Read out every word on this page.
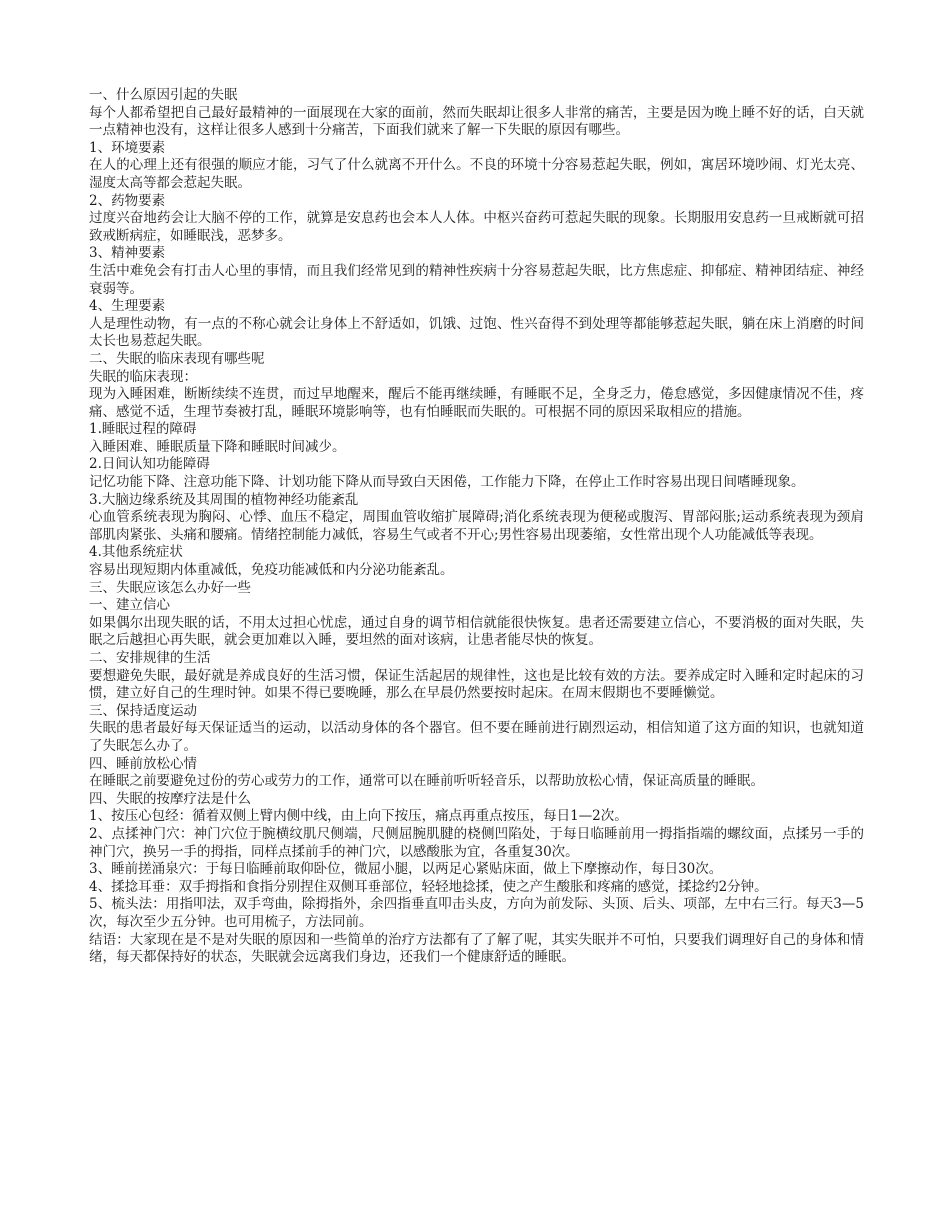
一、什么原因引起的失眠

每个人都希望把自己最好最精神的一面展现在大家的面前，然而失眠却让很多人非常的痛苦，主要是因为晚上睡不好的话，白天就一点精神也没有，这样让很多人感到十分痛苦，下面我们就来了解一下失眠的原因有哪些。

1、环境要素

在人的心理上还有很强的顺应才能，习气了什么就离不开什么。不良的环境十分容易惹起失眠，例如，寓居环境吵闹、灯光太亮、湿度太高等都会惹起失眠。

2、药物要素

过度兴奋地药会让大脑不停的工作，就算是安息药也会本人人体。中枢兴奋药可惹起失眠的现象。长期服用安息药一旦戒断就可招致戒断病症，如睡眠浅，恶梦多。

3、精神要素

生活中难免会有打击人心里的事情，而且我们经常见到的精神性疾病十分容易惹起失眠，比方焦虑症、抑郁症、精神团结症、神经衰弱等。

4、生理要素

人是理性动物，有一点的不称心就会让身体上不舒适如，饥饿、过饱、性兴奋得不到处理等都能够惹起失眠，躺在床上消磨的时间太长也易惹起失眠。

二、失眠的临床表现有哪些呢

失眠的临床表现：

现为入睡困难，断断续续不连贯，而过早地醒来，醒后不能再继续睡，有睡眠不足，全身乏力，倦怠感觉，多因健康情况不佳，疼痛、感觉不适，生理节奏被打乱，睡眠环境影响等，也有怕睡眠而失眠的。可根据不同的原因采取相应的措施。

1.睡眠过程的障碍

入睡困难、睡眠质量下降和睡眠时间减少。

2.日间认知功能障碍

记忆功能下降、注意功能下降、计划功能下降从而导致白天困倦，工作能力下降，在停止工作时容易出现日间嗜睡现象。

3.大脑边缘系统及其周围的植物神经功能紊乱

心血管系统表现为胸闷、心悸、血压不稳定，周围血管收缩扩展障碍;消化系统表现为便秘或腹泻、胃部闷胀;运动系统表现为颈肩部肌肉紧张、头痛和腰痛。情绪控制能力减低，容易生气或者不开心;男性容易出现萎缩，女性常出现个人功能减低等表现。

4.其他系统症状

容易出现短期内体重减低，免疫功能减低和内分泌功能紊乱。

三、失眠应该怎么办好一些

一、建立信心

如果偶尔出现失眠的话，不用太过担心忧虑，通过自身的调节相信就能很快恢复。患者还需要建立信心，不要消极的面对失眠，失眠之后越担心再失眠，就会更加难以入睡，要坦然的面对该病，让患者能尽快的恢复。

二、安排规律的生活

要想避免失眠，最好就是养成良好的生活习惯，保证生活起居的规律性，这也是比较有效的方法。要养成定时入睡和定时起床的习惯，建立好自己的生理时钟。如果不得已要晚睡，那么在早晨仍然要按时起床。在周末假期也不要睡懒觉。

三、保持适度运动

失眠的患者最好每天保证适当的运动，以活动身体的各个器官。但不要在睡前进行剧烈运动，相信知道了这方面的知识，也就知道了失眠怎么办了。

四、睡前放松心情

在睡眠之前要避免过份的劳心或劳力的工作，通常可以在睡前听听轻音乐，以帮助放松心情，保证高质量的睡眠。

四、失眠的按摩疗法是什么

1、按压心包经：循着双侧上臂内侧中线，由上向下按压，痛点再重点按压，每日1—2次。

2、点揉神门穴：神门穴位于腕横纹肌尺侧端，尺侧屈腕肌腱的桡侧凹陷处，于每日临睡前用一拇指指端的螺纹面，点揉另一手的神门穴，换另一手的拇指，同样点揉前手的神门穴，以感酸胀为宜，各重复30次。

3、睡前搓涌泉穴：于每日临睡前取仰卧位，微屈小腿，以两足心紧贴床面，做上下摩擦动作，每日30次。

4、揉捻耳垂：双手拇指和食指分别捏住双侧耳垂部位，轻轻地捻揉，使之产生酸胀和疼痛的感觉，揉捻约2分钟。

5、梳头法：用指叩法，双手弯曲，除拇指外，余四指垂直叩击头皮，方向为前发际、头顶、后头、项部，左中右三行。每天3—5次，每次至少五分钟。也可用梳子，方法同前。

结语：大家现在是不是对失眠的原因和一些简单的治疗方法都有了了解了呢，其实失眠并不可怕，只要我们调理好自己的身体和情绪，每天都保持好的状态，失眠就会远离我们身边，还我们一个健康舒适的睡眠。
